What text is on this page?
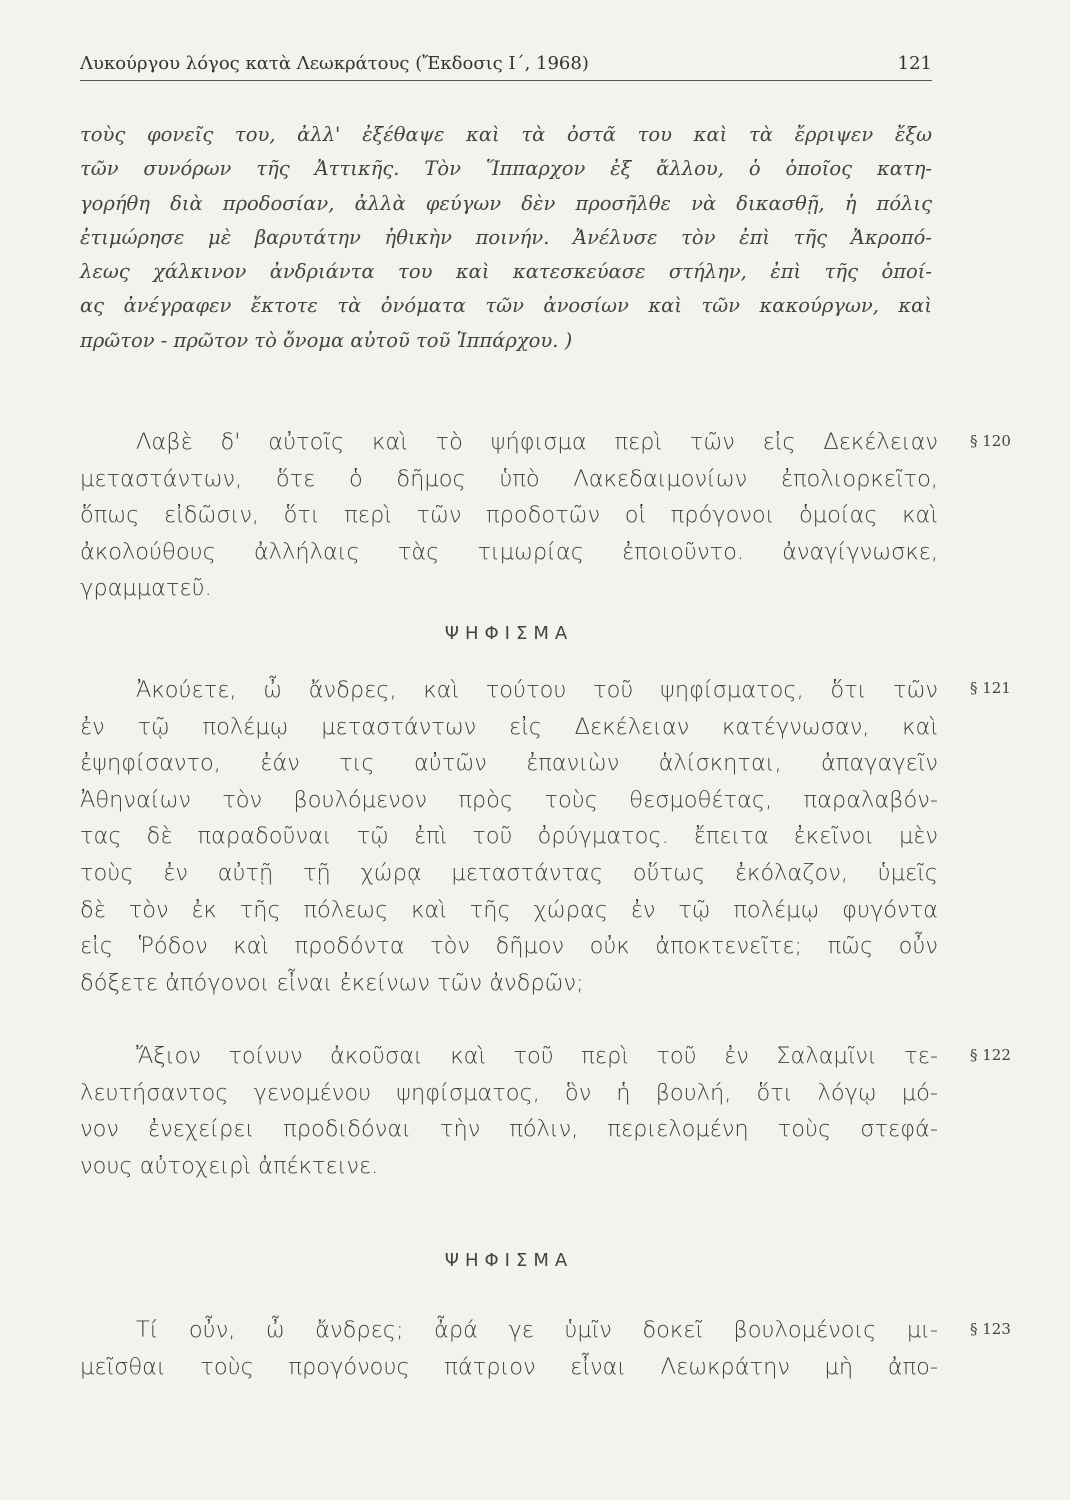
Λυκούργου λόγος κατὰ Λεωκράτους (Ἔκδοσις Ι΄, 1968)	121
τοὺς φονεῖς του, ἀλλ' ἐξέθαψε καὶ τὰ ὀστᾶ του καὶ τὰ ἔρριψεν ἔξω
τῶν συνόρων τῆς Ἀττικῆς. Τὸν Ἵππαρχον ἐξ ἄλλου, ὁ ὁποῖος κατη-
γορήθη διὰ προδοσίαν, ἀλλὰ φεύγων δὲν προσῆλθε νὰ δικασθῇ, ἡ πόλις
ἐτιμώρησε μὲ βαρυτάτην ἠθικὴν ποινήν. Ἀνέλυσε τὸν ἐπὶ τῆς Ἀκροπό-
λεως χάλκινον ἀνδριάντα του καὶ κατεσκεύασε στήλην, ἐπὶ τῆς ὁποί-
ας ἀνέγραφεν ἔκτοτε τὰ ὀνόματα τῶν ἀνοσίων καὶ τῶν κακούργων, καὶ
πρῶτον - πρῶτον τὸ ὄνομα αὐτοῦ τοῦ Ἱππάρχου. )
Λαβὲ δ' αὐτοῖς καὶ τὸ ψήφισμα περὶ τῶν εἰς Δεκέλειαν
μεταστάντων, ὅτε ὁ δῆμος ὑπὸ Λακεδαιμονίων ἐπολιορκεῖτο,
ὅπως εἰδῶσιν, ὅτι περὶ τῶν προδοτῶν οἱ πρόγονοι ὁμοίας καὶ
ἀκολούθους ἀλλήλαις τὰς τιμωρίας ἐποιοῦντο. ἀναγίγνωσκε,
γραμματεῦ.
§ 120
ΨΗΦΙΣΜΑ
Ἀκούετε, ὦ ἄνδρες, καὶ τούτου τοῦ ψηφίσματος, ὅτι τῶν
ἐν τῷ πολέμῳ μεταστάντων εἰς Δεκέλειαν κατέγνωσαν, καὶ
ἐψηφίσαντο, ἐάν τις αὐτῶν ἐπανιὼν ἁλίσκηται, ἀπαγαγεῖν
Ἀθηναίων τὸν βουλόμενον πρὸς τοὺς θεσμοθέτας, παραλαβόν-
τας δὲ παραδοῦναι τῷ ἐπὶ τοῦ ὀρύγματος. ἔπειτα ἐκεῖνοι μὲν
τοὺς ἐν αὐτῇ τῇ χώρᾳ μεταστάντας οὕτως ἐκόλαζον, ὑμεῖς
δὲ τὸν ἐκ τῆς πόλεως καὶ τῆς χώρας ἐν τῷ πολέμῳ φυγόντα
εἰς Ῥόδον καὶ προδόντα τὸν δῆμον οὐκ ἀποκτενεῖτε; πῶς οὖν
δόξετε ἀπόγονοι εἶναι ἐκείνων τῶν ἀνδρῶν;
§ 121
Ἄξιον τοίνυν ἀκοῦσαι καὶ τοῦ περὶ τοῦ ἐν Σαλαμῖνι τε-
λευτήσαντος γενομένου ψηφίσματος, ὃν ἡ βουλή, ὅτι λόγῳ μό-
νον ἐνεχείρει προδιδόναι τὴν πόλιν, περιελομένη τοὺς στεφά-
νους αὐτοχειρὶ ἀπέκτεινε.
§ 122
ΨΗΦΙΣΜΑ
Τί οὖν, ὦ ἄνδρες; ἆρά γε ὑμῖν δοκεῖ βουλομένοις μι-
μεῖσθαι τοὺς προγόνους πάτριον εἶναι Λεωκράτην μὴ ἀπο-
§ 123
